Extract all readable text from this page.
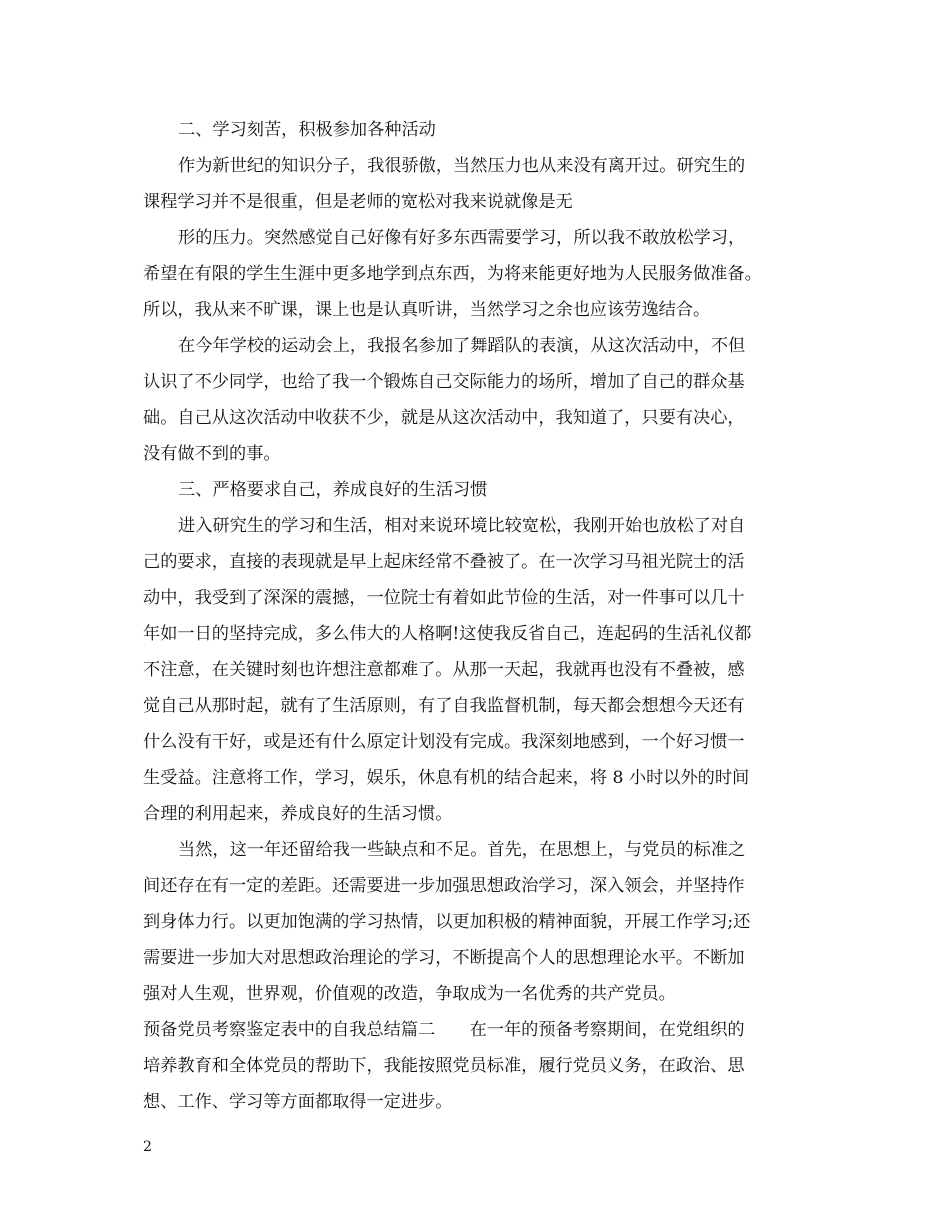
二、学习刻苦，积极参加各种活动
作为新世纪的知识分子，我很骄傲，当然压力也从来没有离开过。研究生的
课程学习并不是很重，但是老师的宽松对我来说就像是无
形的压力。突然感觉自己好像有好多东西需要学习，所以我不敢放松学习，
希望在有限的学生生涯中更多地学到点东西，为将来能更好地为人民服务做准备。
所以，我从来不旷课，课上也是认真听讲，当然学习之余也应该劳逸结合。
在今年学校的运动会上，我报名参加了舞蹈队的表演，从这次活动中，不但
认识了不少同学，也给了我一个锻炼自己交际能力的场所，增加了自己的群众基
础。自己从这次活动中收获不少，就是从这次活动中，我知道了，只要有决心，
没有做不到的事。
三、严格要求自己，养成良好的生活习惯
进入研究生的学习和生活，相对来说环境比较宽松，我刚开始也放松了对自
己的要求，直接的表现就是早上起床经常不叠被了。在一次学习马祖光院士的活
动中，我受到了深深的震撼，一位院士有着如此节俭的生活，对一件事可以几十
年如一日的坚持完成，多么伟大的人格啊!这使我反省自己，连起码的生活礼仪都
不注意，在关键时刻也许想注意都难了。从那一天起，我就再也没有不叠被，感
觉自己从那时起，就有了生活原则，有了自我监督机制，每天都会想想今天还有
什么没有干好，或是还有什么原定计划没有完成。我深刻地感到，一个好习惯一
生受益。注意将工作，学习，娱乐，休息有机的结合起来，将 8 小时以外的时间
合理的利用起来，养成良好的生活习惯。
当然，这一年还留给我一些缺点和不足。首先，在思想上，与党员的标准之
间还存在有一定的差距。还需要进一步加强思想政治学习，深入领会，并坚持作
到身体力行。以更加饱满的学习热情，以更加积极的精神面貌，开展工作学习;还
需要进一步加大对思想政治理论的学习，不断提高个人的思想理论水平。不断加
强对人生观，世界观，价值观的改造，争取成为一名优秀的共产党员。
预备党员考察鉴定表中的自我总结篇二　　在一年的预备考察期间，在党组织的
培养教育和全体党员的帮助下，我能按照党员标准，履行党员义务，在政治、思
想、工作、学习等方面都取得一定进步。
2
